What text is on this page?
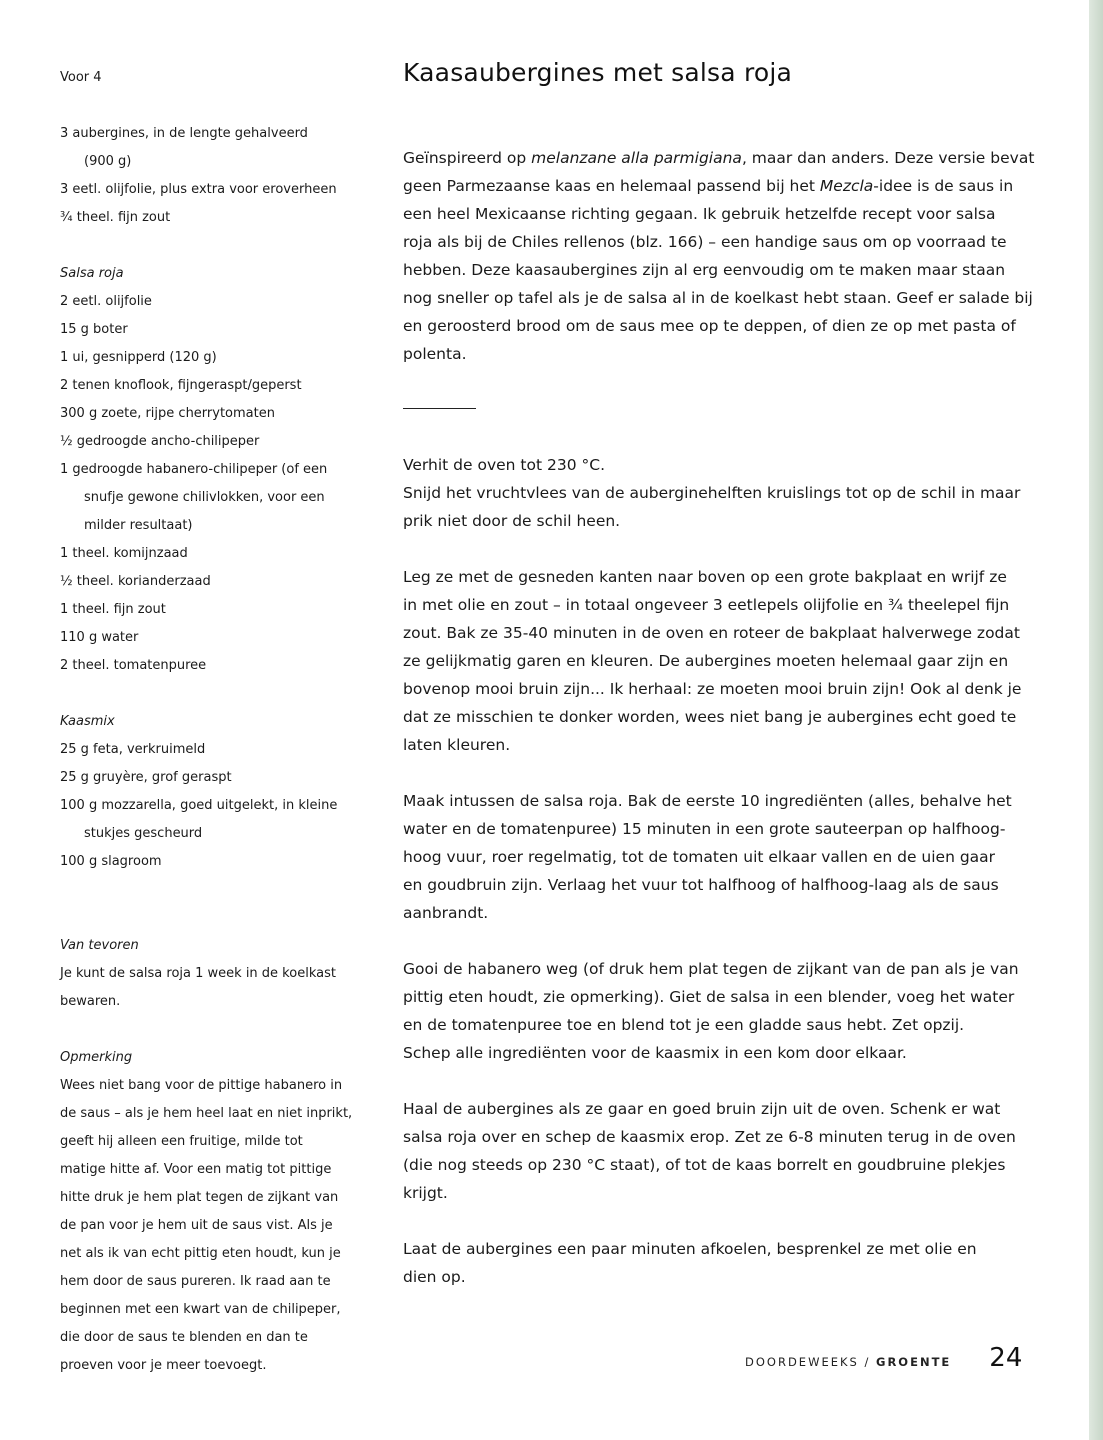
Voor 4
3 aubergines, in de lengte gehalveerd
(900 g)
3 eetl. olijfolie, plus extra voor eroverheen
¾ theel. fijn zout
Salsa roja
2 eetl. olijfolie
15 g boter
1 ui, gesnipperd (120 g)
2 tenen knoflook, fijngeraspt/geperst
300 g zoete, rijpe cherrytomaten
½ gedroogde ancho-chilipeper
1 gedroogde habanero-chilipeper (of een
snufje gewone chilivlokken, voor een
milder resultaat)
1 theel. komijnzaad
½ theel. korianderzaad
1 theel. fijn zout
110 g water
2 theel. tomatenpuree
Kaasmix
25 g feta, verkruimeld
25 g gruyère, grof geraspt
100 g mozzarella, goed uitgelekt, in kleine
stukjes gescheurd
100 g slagroom
Van tevoren
Je kunt de salsa roja 1 week in de koelkast
bewaren.
Opmerking
Wees niet bang voor de pittige habanero in
de saus – als je hem heel laat en niet inprikt,
geeft hij alleen een fruitige, milde tot
matige hitte af. Voor een matig tot pittige
hitte druk je hem plat tegen de zijkant van
de pan voor je hem uit de saus vist. Als je
net als ik van echt pittig eten houdt, kun je
hem door de saus pureren. Ik raad aan te
beginnen met een kwart van de chilipeper,
die door de saus te blenden en dan te
proeven voor je meer toevoegt.
Kaasaubergines met salsa roja
Geïnspireerd op melanzane alla parmigiana, maar dan anders. Deze versie bevat
geen Parmezaanse kaas en helemaal passend bij het Mezcla-idee is de saus in
een heel Mexicaanse richting gegaan. Ik gebruik hetzelfde recept voor salsa
roja als bij de Chiles rellenos (blz. 166) – een handige saus om op voorraad te
hebben. Deze kaasaubergines zijn al erg eenvoudig om te maken maar staan
nog sneller op tafel als je de salsa al in de koelkast hebt staan. Geef er salade bij
en geroosterd brood om de saus mee op te deppen, of dien ze op met pasta of
polenta.
Verhit de oven tot 230 °C.
Snijd het vruchtvlees van de auberginehelften kruislings tot op de schil in maar
prik niet door de schil heen.
Leg ze met de gesneden kanten naar boven op een grote bakplaat en wrijf ze
in met olie en zout – in totaal ongeveer 3 eetlepels olijfolie en ¾ theelepel fijn
zout. Bak ze 35-40 minuten in de oven en roteer de bakplaat halverwege zodat
ze gelijkmatig garen en kleuren. De aubergines moeten helemaal gaar zijn en
bovenop mooi bruin zijn... Ik herhaal: ze moeten mooi bruin zijn! Ook al denk je
dat ze misschien te donker worden, wees niet bang je aubergines echt goed te
laten kleuren.
Maak intussen de salsa roja. Bak de eerste 10 ingrediënten (alles, behalve het
water en de tomatenpuree) 15 minuten in een grote sauteerpan op halfhoog-
hoog vuur, roer regelmatig, tot de tomaten uit elkaar vallen en de uien gaar
en goudbruin zijn. Verlaag het vuur tot halfhoog of halfhoog-laag als de saus
aanbrandt.
Gooi de habanero weg (of druk hem plat tegen de zijkant van de pan als je van
pittig eten houdt, zie opmerking). Giet de salsa in een blender, voeg het water
en de tomatenpuree toe en blend tot je een gladde saus hebt. Zet opzij.
Schep alle ingrediënten voor de kaasmix in een kom door elkaar.
Haal de aubergines als ze gaar en goed bruin zijn uit de oven. Schenk er wat
salsa roja over en schep de kaasmix erop. Zet ze 6-8 minuten terug in de oven
(die nog steeds op 230 °C staat), of tot de kaas borrelt en goudbruine plekjes
krijgt.
Laat de aubergines een paar minuten afkoelen, besprenkel ze met olie en
dien op.
DOORDEWEEKS / GROENTE 24
